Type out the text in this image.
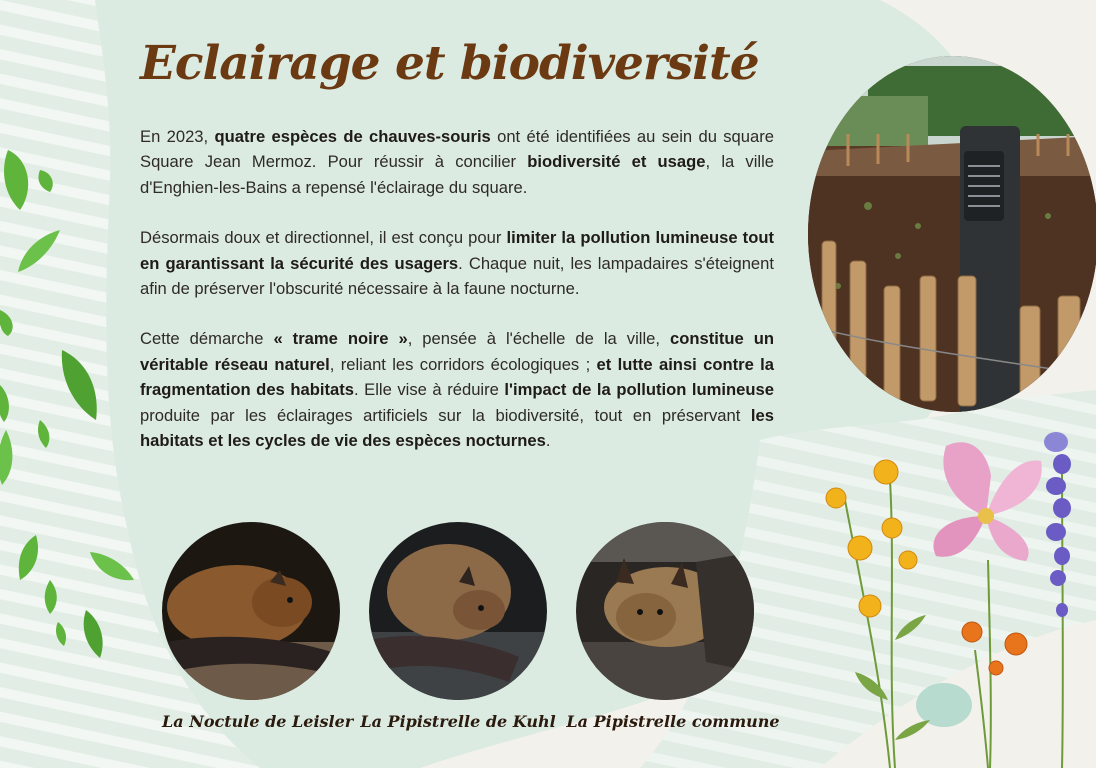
Eclairage et biodiversité

En 2023, quatre espèces de chauves-souris ont été identifiées au sein du square Square Jean Mermoz. Pour réussir à concilier biodiversité et usage, la ville d'Enghien-les-Bains a repensé l'éclairage du square.

Désormais doux et directionnel, il est conçu pour limiter la pollution lumineuse tout en garantissant la sécurité des usagers. Chaque nuit, les lampadaires s'éteignent afin de préserver l'obscurité nécessaire à la faune nocturne.

Cette démarche « trame noire », pensée à l'échelle de la ville, constitue un véritable réseau naturel, reliant les corridors écologiques ; et lutte ainsi contre la fragmentation des habitats. Elle vise à réduire l'impact de la pollution lumineuse produite par les éclairages artificiels sur la biodiversité, tout en préservant les habitats et les cycles de vie des espèces nocturnes.

La Noctule de Leisler La Pipistrelle de Kuhl La Pipistrelle commune
